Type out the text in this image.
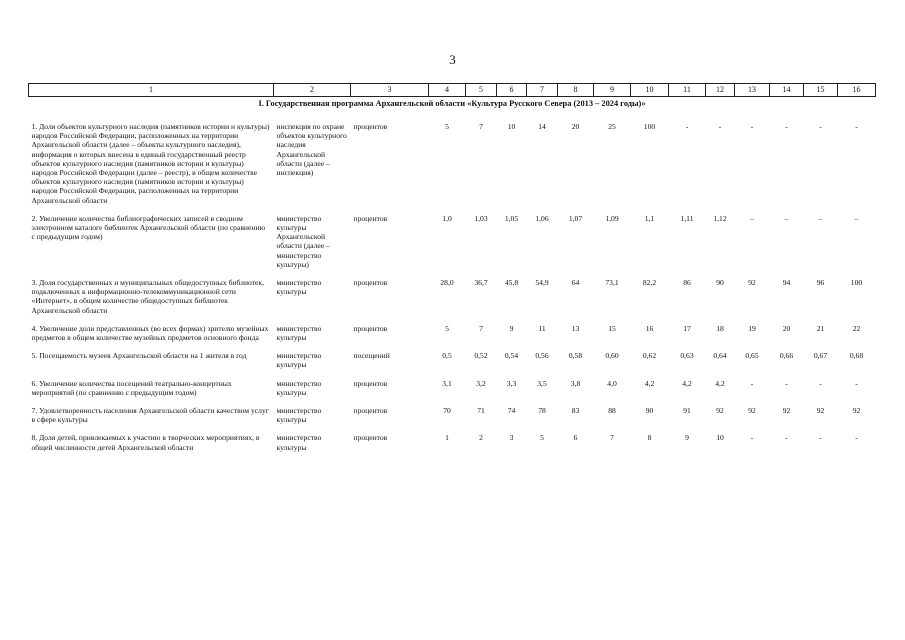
3
1	2	3	4	5	6	7	8	9	10	11	12	13	14	15	16
I. Государственная программа Архангельской области «Культура Русского Севера (2013 – 2024 годы)»															

1. Доля объектов культурного наследия (памятников истории и культуры) народов Российской Федерации, расположенных на территории Архангельской области (далее – объекты культурного наследия), информация о которых внесена в единый государственный реестр объектов культурного наследия (памятников истории и культуры) народов Российской Федерации (далее – реестр), в общем количестве объектов культурного наследия (памятников истории и культуры) народов Российской Федерации, расположенных на территории Архангельской области	инспекция по охране объектов культурного наследия Архангельской области (далее – инспекция)	процентов	5	7	10	14	20	25	100	-	-	-	-	-	-

2. Увеличение количества библиографических записей в сводном электронном каталоге библиотек Архангельской области (по сравнению с предыдущим годом)	министерство культуры Архангельской области (далее – министерство культуры)	процентов	1,0	1,03	1,05	1,06	1,07	1,09	1,1	1,11	1,12	–	–	–	–

3. Доля государственных и муниципальных общедоступных библиотек, подключенных к информационно-телекоммуникационной сети «Интернет», в общем количестве общедоступных библиотек Архангельской области	министерство культуры	процентов	28,0	36,7	45,8	54,9	64	73,1	82,2	86	90	92	94	96	100

4. Увеличение доли представленных (во всех формах) зрителю музейных предметов в общем количестве музейных предметов основного фонда	министерство культуры	процентов	5	7	9	11	13	15	16	17	18	19	20	21	22

5. Посещаемость музеев Архангельской области на 1 жителя в год	министерство культуры	посещений	0,5	0,52	0,54	0,56	0,58	0,60	0,62	0,63	0,64	0,65	0,66	0,67	0,68

6. Увеличение количества посещений театрально-концертных мероприятий (по сравнению с предыдущим годом)	министерство культуры	процентов	3,1	3,2	3,3	3,5	3,8	4,0	4,2	4,2	4,2	-	-	-	-

7. Удовлетворенность населения Архангельской области качеством услуг в сфере культуры	министерство культуры	процентов	70	71	74	78	83	88	90	91	92	92	92	92	92

8. Доля детей, привлекаемых к участию в творческих мероприятиях, в общей численности детей Архангельской области	министерство культуры	процентов	1	2	3	5	6	7	8	9	10	-	-	-	-
